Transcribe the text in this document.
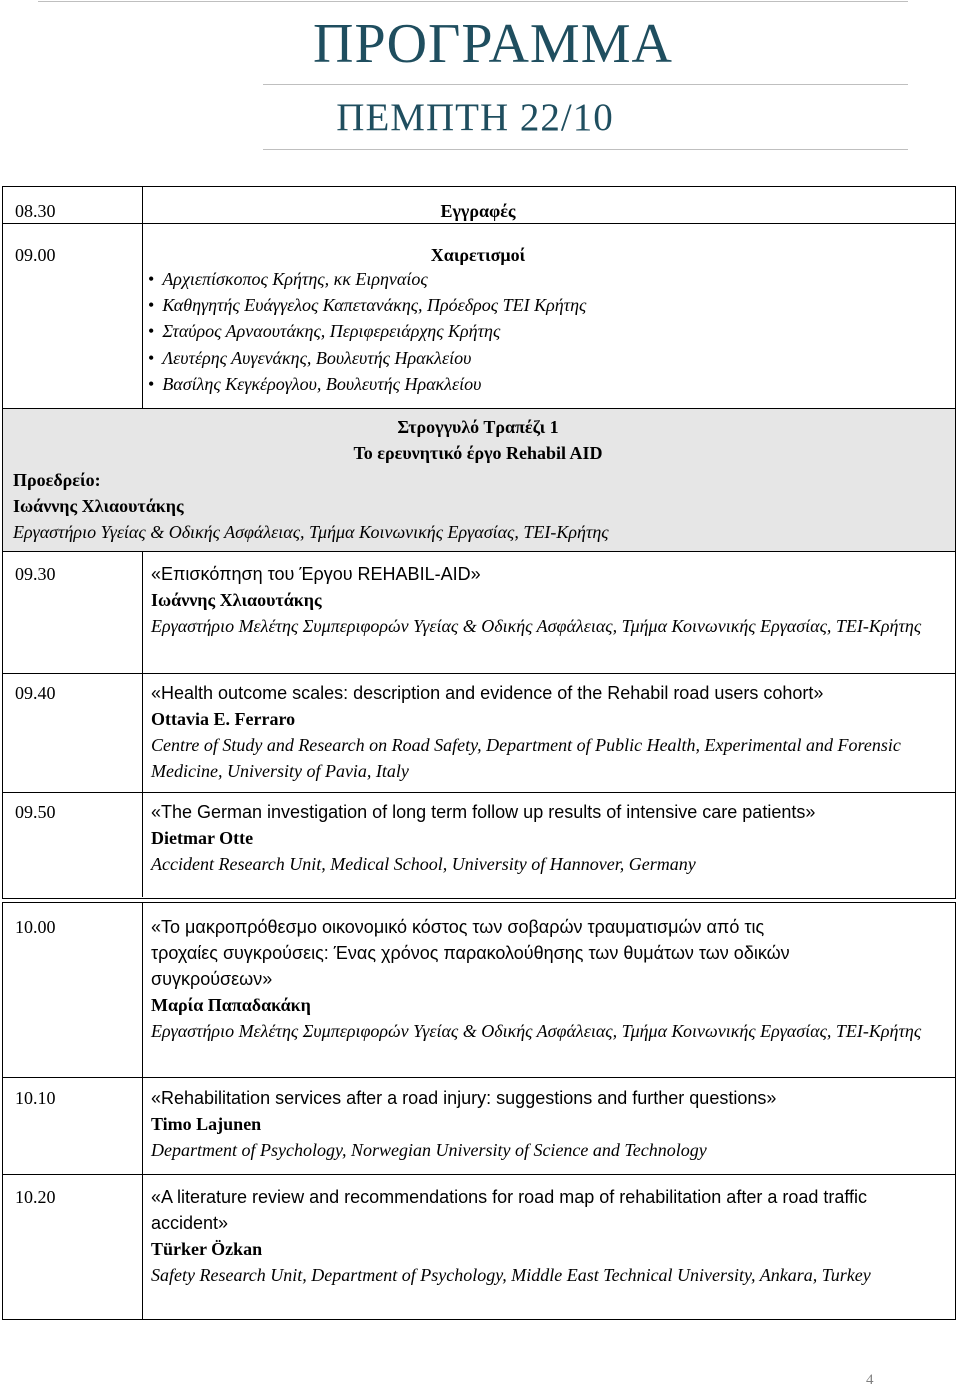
ΠΡΟΓΡΑΜΜΑ
ΠΕΜΠΤΗ 22/10
08.30	Εγγραφές
09.00	Χαιρετισμοί
• Αρχιεπίσκοπος Κρήτης, κκ Ειρηναίος
• Καθηγητής Ευάγγελος Καπετανάκης, Πρόεδρος ΤΕΙ Κρήτης
• Σταύρος Αρναουτάκης, Περιφερειάρχης Κρήτης
• Λευτέρης Αυγενάκης, Βουλευτής Ηρακλείου
• Βασίλης Κεγκέρογλου, Βουλευτής Ηρακλείου
Στρογγυλό Τραπέζι 1
Το ερευνητικό έργο Rehabil AID
Προεδρείο:
Ιωάννης Χλιαουτάκης
Εργαστήριο Υγείας & Οδικής Ασφάλειας, Τμήμα Κοινωνικής Εργασίας, ΤΕΙ-Κρήτης
09.30	«Επισκόπηση του Έργου REHABIL-AID»
Ιωάννης Χλιαουτάκης
Εργαστήριο Μελέτης Συμπεριφορών Υγείας & Οδικής Ασφάλειας, Τμήμα Κοινωνικής Εργασίας, ΤΕΙ-Κρήτης
09.40	«Health outcome scales: description and evidence of the Rehabil road users cohort»
Ottavia E. Ferraro
Centre of Study and Research on Road Safety, Department of Public Health, Experimental and Forensic Medicine, University of Pavia, Italy
09.50	«The German investigation of long term follow up results of intensive care patients»
Dietmar Otte
Accident Research Unit, Medical School, University of Hannover, Germany
10.00	«Το μακροπρόθεσμο οικονομικό κόστος των σοβαρών τραυματισμών από τις τροχαίες συγκρούσεις: Ένας χρόνος παρακολούθησης των θυμάτων των οδικών συγκρούσεων»
Μαρία Παπαδακάκη
Εργαστήριο Μελέτης Συμπεριφορών Υγείας & Οδικής Ασφάλειας, Τμήμα Κοινωνικής Εργασίας, ΤΕΙ-Κρήτης
10.10	«Rehabilitation services after a road injury: suggestions and further questions»
Timo Lajunen
Department of Psychology, Norwegian University of Science and Technology
10.20	«A literature review and recommendations for road map of rehabilitation after a road traffic accident»
Türker Özkan
Safety Research Unit, Department of Psychology, Middle East Technical University, Ankara, Turkey
4
